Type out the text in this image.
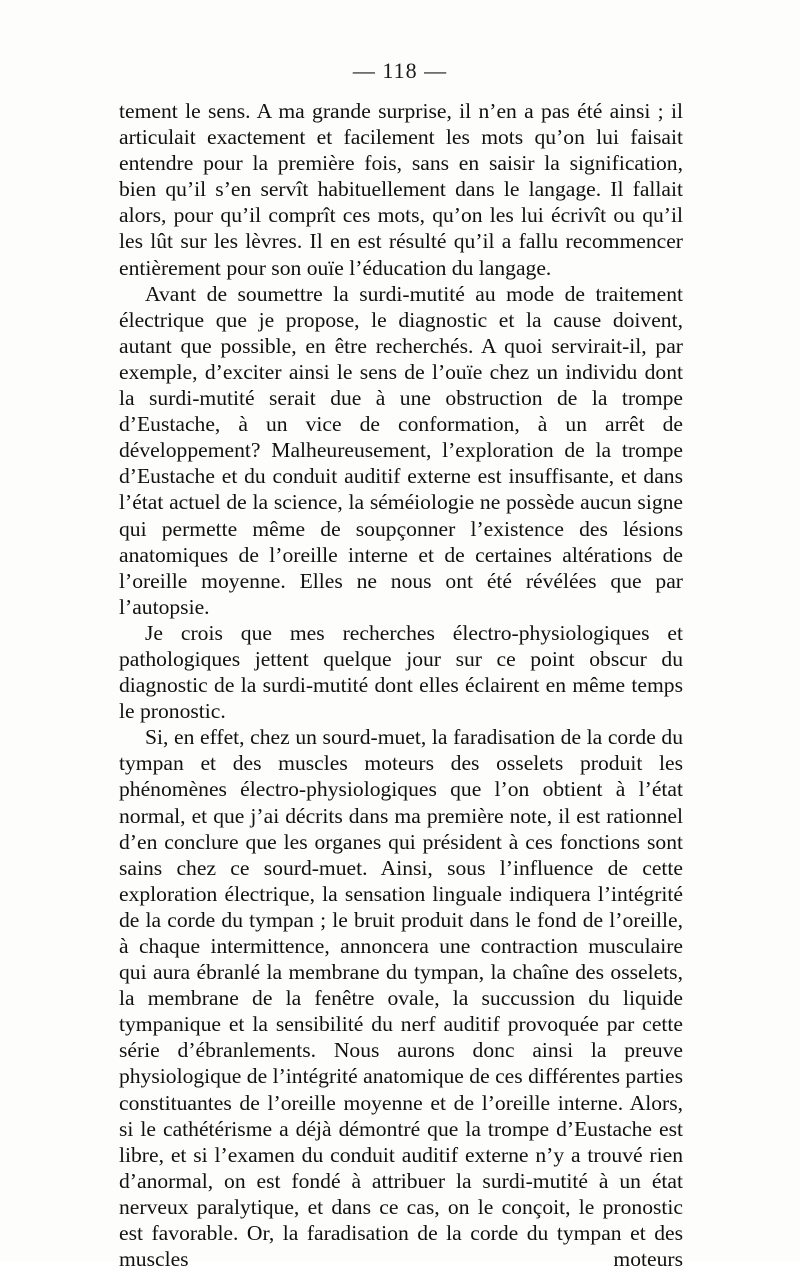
— 118 —

tement le sens. A ma grande surprise, il n’en a pas été ainsi ; il articulait exactement et facilement les mots qu’on lui faisait entendre pour la première fois, sans en saisir la signification, bien qu’il s’en servît habituellement dans le langage. Il fallait alors, pour qu’il comprît ces mots, qu’on les lui écrivît ou qu’il les lût sur les lèvres. Il en est résulté qu’il a fallu recommencer entièrement pour son ouïe l’éducation du langage.

Avant de soumettre la surdi-mutité au mode de traitement électrique que je propose, le diagnostic et la cause doivent, autant que possible, en être recherchés. A quoi servirait-il, par exemple, d’exciter ainsi le sens de l’ouïe chez un individu dont la surdi-mutité serait due à une obstruction de la trompe d’Eustache, à un vice de conformation, à un arrêt de développement? Malheureusement, l’exploration de la trompe d’Eustache et du conduit auditif externe est insuffisante, et dans l’état actuel de la science, la séméiologie ne possède aucun signe qui permette même de soupçonner l’existence des lésions anatomiques de l’oreille interne et de certaines altérations de l’oreille moyenne. Elles ne nous ont été révélées que par l’autopsie.

Je crois que mes recherches électro-physiologiques et pathologiques jettent quelque jour sur ce point obscur du diagnostic de la surdi-mutité dont elles éclairent en même temps le pronostic.

Si, en effet, chez un sourd-muet, la faradisation de la corde du tympan et des muscles moteurs des osselets produit les phénomènes électro-physiologiques que l’on obtient à l’état normal, et que j’ai décrits dans ma première note, il est rationnel d’en conclure que les organes qui président à ces fonctions sont sains chez ce sourd-muet. Ainsi, sous l’influence de cette exploration électrique, la sensation linguale indiquera l’intégrité de la corde du tympan ; le bruit produit dans le fond de l’oreille, à chaque intermittence, annoncera une contraction musculaire qui aura ébranlé la membrane du tympan, la chaîne des osselets, la membrane de la fenêtre ovale, la succussion du liquide tympanique et la sensibilité du nerf auditif provoquée par cette série d’ébranlements. Nous aurons donc ainsi la preuve physiologique de l’intégrité anatomique de ces différentes parties constituantes de l’oreille moyenne et de l’oreille interne. Alors, si le cathétérisme a déjà démontré que la trompe d’Eustache est libre, et si l’examen du conduit auditif externe n’y a trouvé rien d’anormal, on est fondé à attribuer la surdi-mutité à un état nerveux paralytique, et dans ce cas, on le conçoit, le pronostic est favorable. Or, la faradisation de la corde du tympan et des muscles moteurs
